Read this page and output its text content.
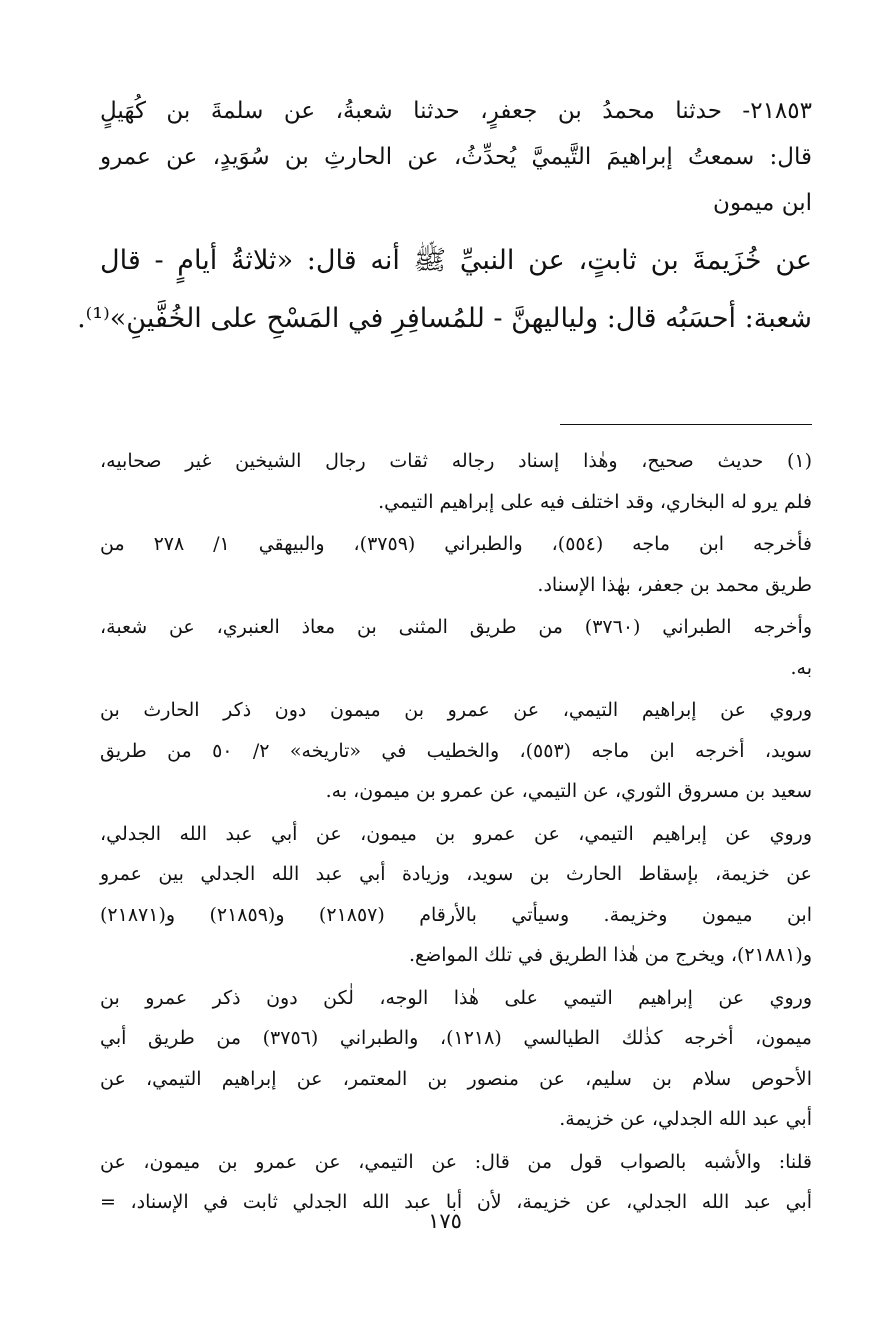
٢١٨٥٣- حدثنا محمدُ بن جعفرٍ، حدثنا شعبةُ، عن سلمةَ بن كُهَيلٍ
قال: سمعتُ إبراهيمَ التَّيميَّ يُحدِّثُ، عن الحارثِ بن سُوَيدٍ، عن عمرو
ابن ميمون
عن خُزَيمةَ بن ثابتٍ، عن النبيِّ ﷺ أنه قال: «ثلاثةُ أيامٍ - قال
شعبة: أحسَبُه قال: ولياليهنَّ - للمُسافِرِ في المَسْحِ على الخُفَّينِ»⁽¹⁾.
(١) حديث صحيح، وهٰذا إسناد رجاله ثقات رجال الشيخين غير صحابيه،
فلم يرو له البخاري، وقد اختلف فيه على إبراهيم التيمي.
فأخرجه ابن ماجه (٥٥٤)، والطبراني (٣٧٥٩)، والبيهقي ١/ ٢٧٨ من
طريق محمد بن جعفر، بهٰذا الإسناد.
وأخرجه الطبراني (٣٧٦٠) من طريق المثنى بن معاذ العنبري، عن شعبة،
به.
وروي عن إبراهيم التيمي، عن عمرو بن ميمون دون ذكر الحارث بن
سويد، أخرجه ابن ماجه (٥٥٣)، والخطيب في «تاريخه» ٢/ ٥٠ من طريق
سعيد بن مسروق الثوري، عن التيمي، عن عمرو بن ميمون، به.
وروي عن إبراهيم التيمي، عن عمرو بن ميمون، عن أبي عبد الله الجدلي،
عن خزيمة، بإسقاط الحارث بن سويد، وزيادة أبي عبد الله الجدلي بين عمرو
ابن ميمون وخزيمة. وسيأتي بالأرقام (٢١٨٥٧) و(٢١٨٥٩) و(٢١٨٧١)
و(٢١٨٨١)، ويخرج من هٰذا الطريق في تلك المواضع.
وروي عن إبراهيم التيمي على هٰذا الوجه، لٰكن دون ذكر عمرو بن
ميمون، أخرجه كذٰلك الطيالسي (١٢١٨)، والطبراني (٣٧٥٦) من طريق أبي
الأحوص سلام بن سليم، عن منصور بن المعتمر، عن إبراهيم التيمي، عن
أبي عبد الله الجدلي، عن خزيمة.
قلنا: والأشبه بالصواب قول من قال: عن التيمي، عن عمرو بن ميمون، عن
أبي عبد الله الجدلي، عن خزيمة، لأن أبا عبد الله الجدلي ثابت في الإسناد، =
١٧٥
